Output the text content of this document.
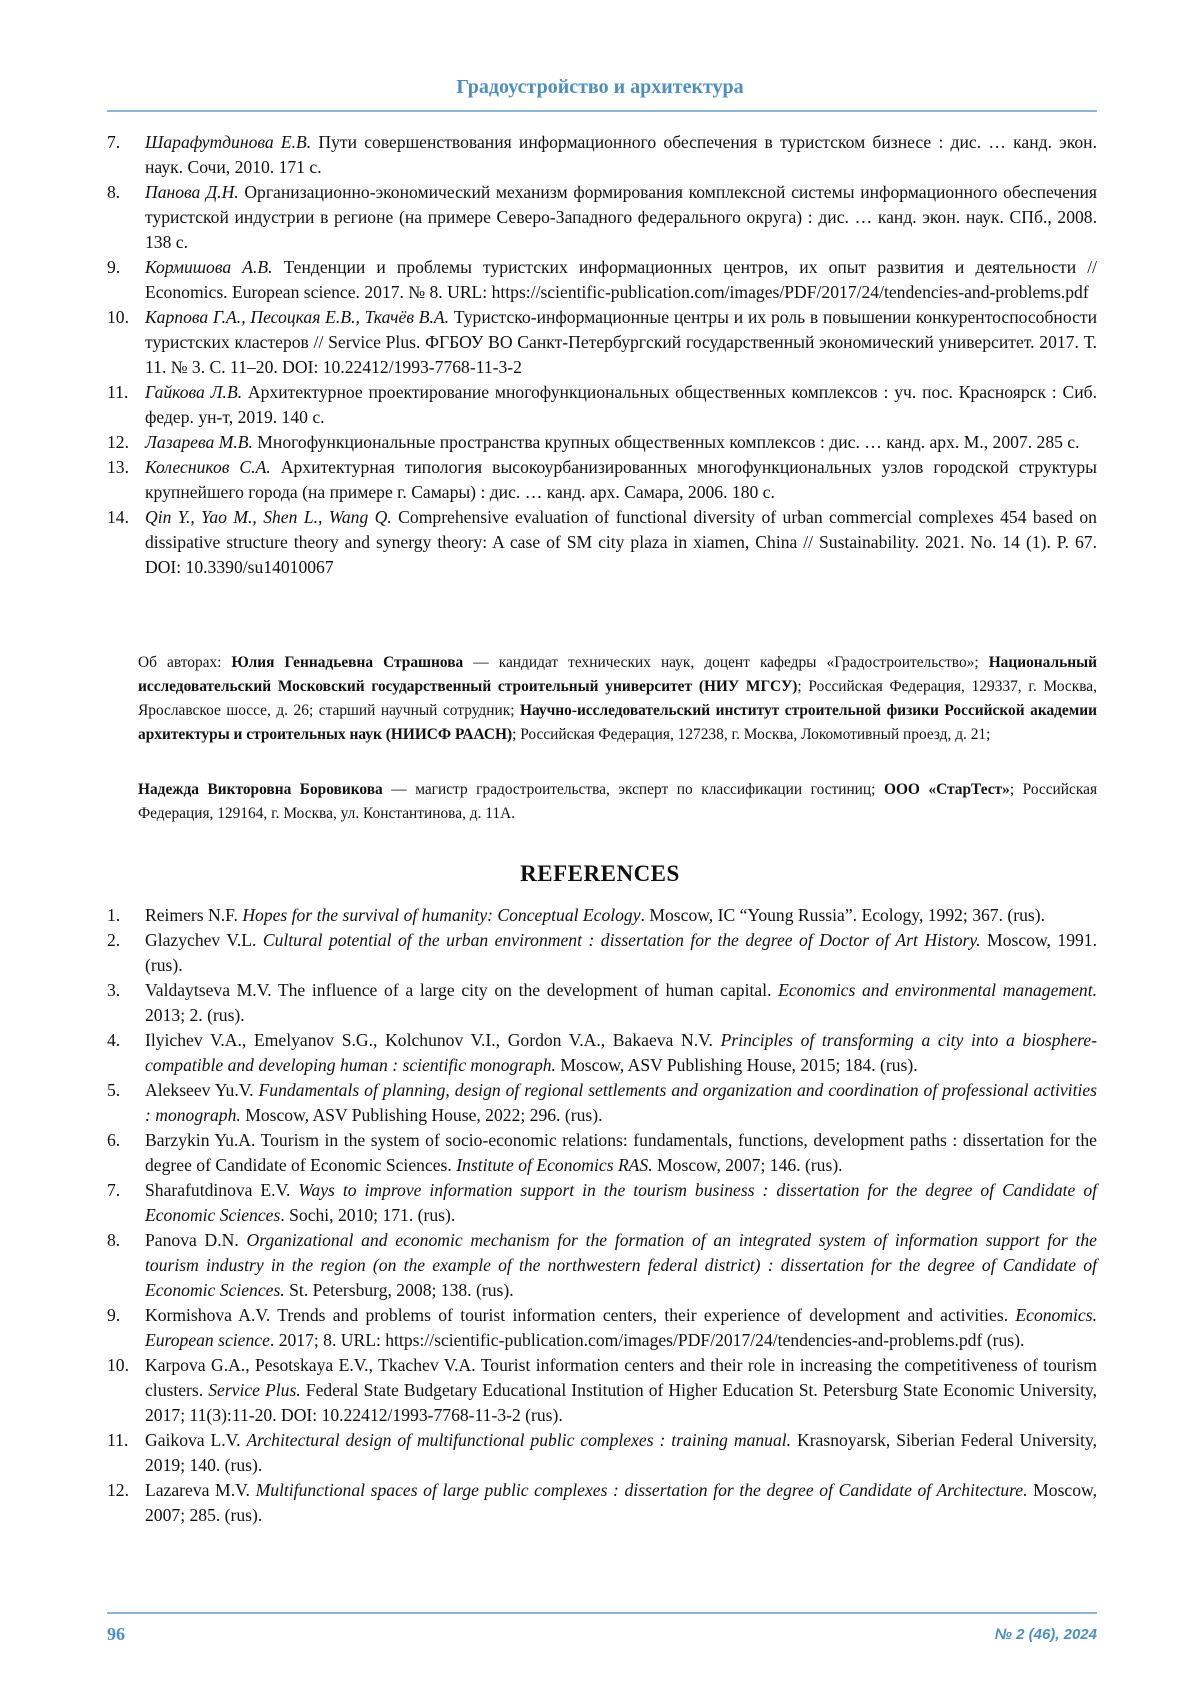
Градоустройство и архитектура
7. Шарафутдинова Е.В. Пути совершенствования информационного обеспечения в туристском бизнесе : дис. … канд. экон. наук. Сочи, 2010. 171 с.
8. Панова Д.Н. Организационно-экономический механизм формирования комплексной системы информационного обеспечения туристской индустрии в регионе (на примере Северо-Западного федерального округа) : дис. … канд. экон. наук. СПб., 2008. 138 с.
9. Кормишова А.В. Тенденции и проблемы туристских информационных центров, их опыт развития и деятельности // Economics. European science. 2017. № 8. URL: https://scientific-publication.com/images/PDF/2017/24/tendencies-and-problems.pdf
10. Карпова Г.А., Песоцкая Е.В., Ткачёв В.А. Туристско-информационные центры и их роль в повышении конкурентоспособности туристских кластеров // Service Plus. ФГБОУ ВО Санкт-Петербургский государственный экономический университет. 2017. Т. 11. № 3. С. 11–20. DOI: 10.22412/1993-7768-11-3-2
11. Гайкова Л.В. Архитектурное проектирование многофункциональных общественных комплексов : уч. пос. Красноярск : Сиб. федер. ун-т, 2019. 140 с.
12. Лазарева М.В. Многофункциональные пространства крупных общественных комплексов : дис. … канд. арх. М., 2007. 285 с.
13. Колесников С.А. Архитектурная типология высокоурбанизированных многофункциональных узлов городской структуры крупнейшего города (на примере г. Самары) : дис. … канд. арх. Самара, 2006. 180 с.
14. Qin Y., Yao M., Shen L., Wang Q. Comprehensive evaluation of functional diversity of urban commercial complexes 454 based on dissipative structure theory and synergy theory: A case of SM city plaza in xiamen, China // Sustainability. 2021. No. 14 (1). P. 67. DOI: 10.3390/su14010067

Об авторах: Юлия Геннадьевна Страшнова — кандидат технических наук, доцент кафедры «Градостроительство»; Национальный исследовательский Московский государственный строительный университет (НИУ МГСУ); Российская Федерация, 129337, г. Москва, Ярославское шоссе, д. 26; старший научный сотрудник; Научно-исследовательский институт строительной физики Российской академии архитектуры и строительных наук (НИИСФ РААСН); Российская Федерация, 127238, г. Москва, Локомотивный проезд, д. 21;

Надежда Викторовна Боровикова — магистр градостроительства, эксперт по классификации гостиниц; ООО «СтарТест»; Российская Федерация, 129164, г. Москва, ул. Константинова, д. 11А.

REFERENCES
1. Reimers N.F. Hopes for the survival of humanity: Conceptual Ecology. Moscow, IC “Young Russia”. Ecology, 1992; 367. (rus).
2. Glazychev V.L. Cultural potential of the urban environment : dissertation for the degree of Doctor of Art History. Moscow, 1991. (rus).
3. Valdaytseva M.V. The influence of a large city on the development of human capital. Economics and environmental management. 2013; 2. (rus).
4. Ilyichev V.A., Emelyanov S.G., Kolchunov V.I., Gordon V.A., Bakaeva N.V. Principles of transforming a city into a biosphere-compatible and developing human : scientific monograph. Moscow, ASV Publishing House, 2015; 184. (rus).
5. Alekseev Yu.V. Fundamentals of planning, design of regional settlements and organization and coordination of professional activities : monograph. Moscow, ASV Publishing House, 2022; 296. (rus).
6. Barzykin Yu.A. Tourism in the system of socio-economic relations: fundamentals, functions, development paths : dissertation for the degree of Candidate of Economic Sciences. Institute of Economics RAS. Moscow, 2007; 146. (rus).
7. Sharafutdinova E.V. Ways to improve information support in the tourism business : dissertation for the degree of Candidate of Economic Sciences. Sochi, 2010; 171. (rus).
8. Panova D.N. Organizational and economic mechanism for the formation of an integrated system of information support for the tourism industry in the region (on the example of the northwestern federal district) : dissertation for the degree of Candidate of Economic Sciences. St. Petersburg, 2008; 138. (rus).
9. Kormishova A.V. Trends and problems of tourist information centers, their experience of development and activities. Economics. European science. 2017; 8. URL: https://scientific-publication.com/images/PDF/2017/24/tendencies-and-problems.pdf (rus).
10. Karpova G.A., Pesotskaya E.V., Tkachev V.A. Tourist information centers and their role in increasing the competitiveness of tourism clusters. Service Plus. Federal State Budgetary Educational Institution of Higher Education St. Petersburg State Economic University, 2017; 11(3):11-20. DOI: 10.22412/1993-7768-11-3-2 (rus).
11. Gaikova L.V. Architectural design of multifunctional public complexes : training manual. Krasnoyarsk, Siberian Federal University, 2019; 140. (rus).
12. Lazareva M.V. Multifunctional spaces of large public complexes : dissertation for the degree of Candidate of Architecture. Moscow, 2007; 285. (rus).
96	№ 2 (46), 2024
